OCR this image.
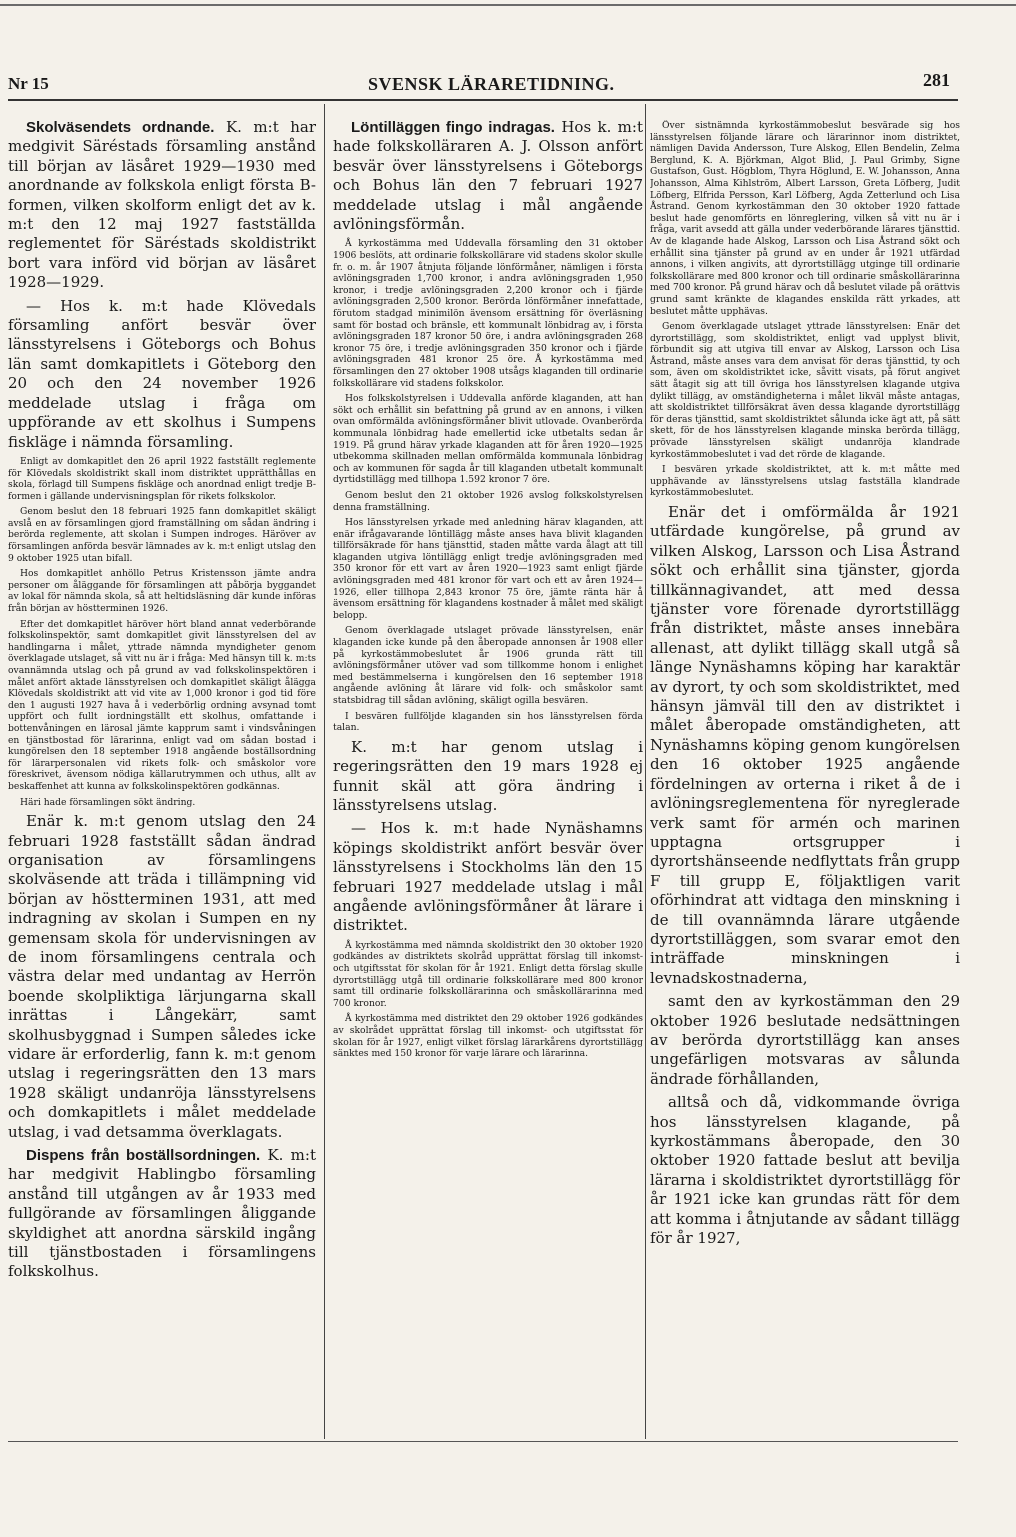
Nr 15	SVENSK LÄRARETIDNING.	281

Skolväsendets ordnande. K. m:t har medgivit Säréstads församling anstånd till början av läsåret 1929—1930 med anordnande av folkskola enligt första B-formen, vilken skolform enligt det av k. m:t den 12 maj 1927 fastställda reglementet för Säréstads skoldistrikt bort vara införd vid början av läsåret 1928—1929.

— Hos k. m:t hade Klövedals församling anfört besvär över länsstyrelsens i Göteborgs och Bohus län samt domkapitlets i Göteborg den 20 och den 24 november 1926 meddelade utslag i fråga om uppförande av ett skolhus i Sumpens fiskläge i nämnda församling.

Enligt av domkapitlet den 26 april 1922 fastställt reglemente för Klövedals skoldistrikt skall inom distriktet upprätthållas en skola, förlagd till Sumpens fiskläge och anordnad enligt tredje B-formen i gällande undervisningsplan för rikets folkskolor.

Genom beslut den 18 februari 1925 fann domkapitlet skäligt avslå en av församlingen gjord framställning om sådan ändring i berörda reglemente, att skolan i Sumpen indroges. Häröver av församlingen anförda besvär lämnades av k. m:t enligt utslag den 9 oktober 1925 utan bifall.

Hos domkapitlet anhöllo Petrus Kristensson jämte andra personer om åläggande för församlingen att påbörja byggandet av lokal för nämnda skola, så att heltidsläsning där kunde införas från början av höstterminen 1926.

Efter det domkapitlet häröver hört bland annat vederbörande folkskolinspektör, samt domkapitlet givit länsstyrelsen del av handlingarna i målet, yttrade nämnda myndigheter genom överklagade utslaget, så vitt nu är i fråga: Med hänsyn till k. m:ts ovannämnda utslag och på grund av vad folkskolinspektören i målet anfört aktade länsstyrelsen och domkapitlet skäligt ålägga Klövedals skoldistrikt att vid vite av 1,000 kronor i god tid före den 1 augusti 1927 hava å i vederbörlig ordning avsynad tomt uppfört och fullt iordningställt ett skolhus, omfattande i bottenvåningen en lärosal jämte kapprum samt i vindsvåningen en tjänstbostad för lärarinna, enligt vad om sådan bostad i kungörelsen den 18 september 1918 angående boställsordning för lärarpersonalen vid rikets folk- och småskolor vore föreskrivet, ävensom nödiga källarutrymmen och uthus, allt av beskaffenhet att kunna av folkskolinspektören godkännas.

Häri hade församlingen sökt ändring.

Enär k. m:t genom utslag den 24 februari 1928 fastställt sådan ändrad organisation av församlingens skolväsende att träda i tillämpning vid början av höstterminen 1931, att med indragning av skolan i Sumpen en ny gemensam skola för undervisningen av de inom församlingens centrala och västra delar med undantag av Herrön boende skolpliktiga lärjungarna skall inrättas i Långekärr, samt skolhusbyggnad i Sumpen således icke vidare är erforderlig, fann k. m:t genom utslag i regeringsrätten den 13 mars 1928 skäligt undanröja länsstyrelsens och domkapitlets i målet meddelade utslag, i vad detsamma överklagats.

Dispens från boställsordningen. K. m:t har medgivit Hablingbo församling anstånd till utgången av år 1933 med fullgörande av församlingen åliggande skyldighet att anordna särskild ingång till tjänstbostaden i församlingens folkskolhus.

Löntilläggen fingo indragas. Hos k. m:t hade folkskolläraren A. J. Olsson anfört besvär över länsstyrelsens i Göteborgs och Bohus län den 7 februari 1927 meddelade utslag i mål angående avlöningsförmån.

Å kyrkostämma med Uddevalla församling den 31 oktober 1906 beslöts, att ordinarie folkskollärare vid stadens skolor skulle fr. o. m. år 1907 åtnjuta följande lönförmåner, nämligen i första avlöningsgraden 1,700 kronor, i andra avlöningsgraden 1,950 kronor, i tredje avlöningsgraden 2,200 kronor och i fjärde avlöningsgraden 2,500 kronor. Berörda lönförmåner innefattade, förutom stadgad minimilön ävensom ersättning för överläsning samt för bostad och bränsle, ett kommunalt lönbidrag av, i första avlöningsgraden 187 kronor 50 öre, i andra avlöningsgraden 268 kronor 75 öre, i tredje avlöningsgraden 350 kronor och i fjärde avlöningsgraden 481 kronor 25 öre. Å kyrkostämma med församlingen den 27 oktober 1908 utsågs klaganden till ordinarie folkskollärare vid stadens folkskolor.

Hos folkskolstyrelsen i Uddevalla anförde klaganden, att han sökt och erhållit sin befattning på grund av en annons, i vilken ovan omförmälda avlöningsförmåner blivit utlovade. Ovanberörda kommunala lönbidrag hade emellertid icke utbetalts sedan år 1919. På grund härav yrkade klaganden att för åren 1920—1925 utbekomma skillnaden mellan omförmälda kommunala lönbidrag och av kommunen för sagda år till klaganden utbetalt kommunalt dyrtidstillägg med tillhopa 1.592 kronor 7 öre.

Genom beslut den 21 oktober 1926 avslog folkskolstyrelsen denna framställning.

Hos länsstyrelsen yrkade med anledning härav klaganden, att enär ifrågavarande löntillägg måste anses hava blivit klaganden tillförsäkrade för hans tjänsttid, staden måtte varda ålagt att till klaganden utgiva löntillägg enligt tredje avlöningsgraden med 350 kronor för ett vart av åren 1920—1923 samt enligt fjärde avlöningsgraden med 481 kronor för vart och ett av åren 1924—1926, eller tillhopa 2,843 kronor 75 öre, jämte ränta här å ävensom ersättning för klagandens kostnader å målet med skäligt belopp.

Genom överklagade utslaget prövade länsstyrelsen, enär klaganden icke kunde på den åberopade annonsen år 1908 eller på kyrkostämmobeslutet år 1906 grunda rätt till avlöningsförmåner utöver vad som tillkomme honom i enlighet med bestämmelserna i kungörelsen den 16 september 1918 angående avlöning åt lärare vid folk- och småskolor samt statsbidrag till sådan avlöning, skäligt ogilla besvären.

I besvären fullföljde klaganden sin hos länsstyrelsen förda talan.

K. m:t har genom utslag i regeringsrätten den 19 mars 1928 ej funnit skäl att göra ändring i länsstyrelsens utslag.

— Hos k. m:t hade Nynäshamns köpings skoldistrikt anfört besvär över länsstyrelsens i Stockholms län den 15 februari 1927 meddelade utslag i mål angående avlöningsförmåner åt lärare i distriktet.

Å kyrkostämma med nämnda skoldistrikt den 30 oktober 1920 godkändes av distriktets skolråd upprättat förslag till inkomst- och utgiftsstat för skolan för år 1921. Enligt detta förslag skulle dyrortstillägg utgå till ordinarie folkskollärare med 800 kronor samt till ordinarie folkskollärarinna och småskollärarinna med 700 kronor.

Å kyrkostämma med distriktet den 29 oktober 1926 godkändes av skolrådet upprättat förslag till inkomst- och utgiftsstat för skolan för år 1927, enligt vilket förslag lärarkårens dyrortstillägg sänktes med 150 kronor för varje lärare och lärarinna.

Över sistnämnda kyrkostämmobeslut besvärade sig hos länsstyrelsen följande lärare och lärarinnor inom distriktet, nämligen Davida Andersson, Ture Alskog, Ellen Bendelin, Zelma Berglund, K. A. Björkman, Algot Blid, J. Paul Grimby, Signe Gustafson, Gust. Högblom, Thyra Höglund, E. W. Johansson, Anna Johansson, Alma Kihlström, Albert Larsson, Greta Löfberg, Judit Löfberg, Elfrida Persson, Karl Löfberg, Agda Zetterlund och Lisa Åstrand. Genom kyrkostämman den 30 oktober 1920 fattade beslut hade genomförts en lönreglering, vilken så vitt nu är i fråga, varit avsedd att gälla under vederbörande lärares tjänsttid. Av de klagande hade Alskog, Larsson och Lisa Åstrand sökt och erhållit sina tjänster på grund av en under år 1921 utfärdad annons, i vilken angivits, att dyrortstillägg utginge till ordinarie folkskollärare med 800 kronor och till ordinarie småskollärarinna med 700 kronor. På grund härav och då beslutet vilade på orättvis grund samt kränkte de klagandes enskilda rätt yrkades, att beslutet måtte upphävas.

Genom överklagade utslaget yttrade länsstyrelsen: Enär det dyrortstillägg, som skoldistriktet, enligt vad upplyst blivit, förbundit sig att utgiva till envar av Alskog, Larsson och Lisa Åstrand, måste anses vara dem anvisat för deras tjänsttid, ty och som, även om skoldistriktet icke, såvitt visats, på förut angivet sätt åtagit sig att till övriga hos länsstyrelsen klagande utgiva dylikt tillägg, av omständigheterna i målet likväl måste antagas, att skoldistriktet tillförsäkrat även dessa klagande dyrortstillägg för deras tjänsttid, samt skoldistriktet sålunda icke ägt att, på sätt skett, för de hos länsstyrelsen klagande minska berörda tillägg, prövade länsstyrelsen skäligt undanröja klandrade kyrkostämmobeslutet i vad det rörde de klagande.

I besvären yrkade skoldistriktet, att k. m:t måtte med upphävande av länsstyrelsens utslag fastställa klandrade kyrkostämmobeslutet.

Enär det i omförmälda år 1921 utfärdade kungörelse, på grund av vilken Alskog, Larsson och Lisa Åstrand sökt och erhållit sina tjänster, gjorda tillkännagivandet, att med dessa tjänster vore förenade dyrortstillägg från distriktet, måste anses innebära allenast, att dylikt tillägg skall utgå så länge Nynäshamns köping har karaktär av dyrort, ty och som skoldistriktet, med hänsyn jämväl till den av distriktet i målet åberopade omständigheten, att Nynäshamns köping genom kungörelsen den 16 oktober 1925 angående fördelningen av orterna i riket å de i avlöningsreglementena för nyreglerade verk samt för armén och marinen upptagna ortsgrupper i dyrortshänseende nedflyttats från grupp F till grupp E, följaktligen varit oförhindrat att vidtaga den minskning i de till ovannämnda lärare utgående dyrortstilläggen, som svarar emot den inträffade minskningen i levnadskostnaderna,

samt den av kyrkostämman den 29 oktober 1926 beslutade nedsättningen av berörda dyrortstillägg kan anses ungefärligen motsvaras av sålunda ändrade förhållanden,

alltså och då, vidkommande övriga hos länsstyrelsen klagande, på kyrkostämmans åberopade, den 30 oktober 1920 fattade beslut att bevilja lärarna i skoldistriktet dyrortstillägg för år 1921 icke kan grundas rätt för dem att komma i åtnjutande av sådant tillägg för år 1927,
